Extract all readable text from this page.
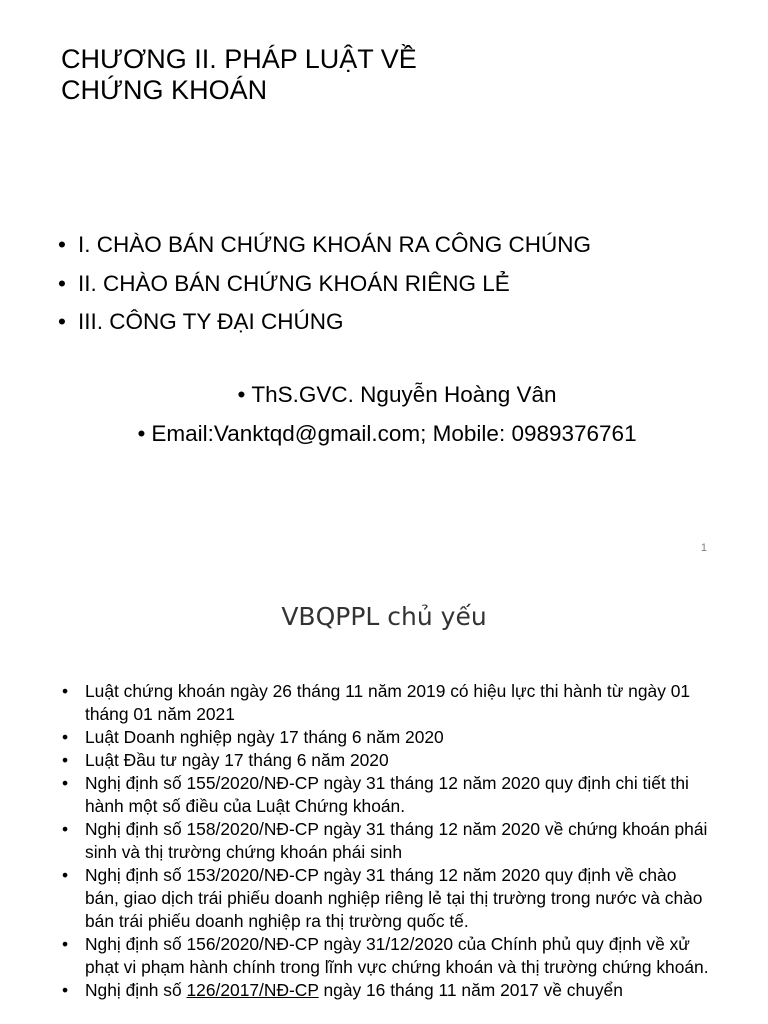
CHƯƠNG II. PHÁP LUẬT VỀ
CHỨNG KHOÁN
• I. CHÀO BÁN CHỨNG KHOÁN RA CÔNG CHÚNG
• II. CHÀO BÁN CHỨNG KHOÁN RIÊNG LẺ
• III. CÔNG TY ĐẠI CHÚNG
• ThS.GVC. Nguyễn Hoàng Vân
• Email:Vanktqd@gmail.com; Mobile: 0989376761
1
VBQPPL chủ yếu
• Luật chứng khoán ngày 26 tháng 11 năm 2019 có hiệu lực thi hành từ ngày 01 tháng 01 năm 2021
• Luật Doanh nghiệp ngày 17 tháng 6 năm 2020
• Luật Đầu tư ngày 17 tháng 6 năm 2020
• Nghị định số 155/2020/NĐ-CP ngày 31 tháng 12 năm 2020 quy định chi tiết thi hành một số điều của Luật Chứng khoán.
• Nghị định số 158/2020/NĐ-CP ngày 31 tháng 12 năm 2020 về chứng khoán phái sinh và thị trường chứng khoán phái sinh
• Nghị định số 153/2020/NĐ-CP ngày 31 tháng 12 năm 2020 quy định về chào bán, giao dịch trái phiếu doanh nghiệp riêng lẻ tại thị trường trong nước và chào bán trái phiếu doanh nghiệp ra thị trường quốc tế.
• Nghị định số 156/2020/NĐ-CP ngày 31/12/2020 của Chính phủ quy định về xử phạt vi phạm hành chính trong lĩnh vực chứng khoán và thị trường chứng khoán.
• Nghị định số 126/2017/NĐ-CP ngày 16 tháng 11 năm 2017 về chuyển
